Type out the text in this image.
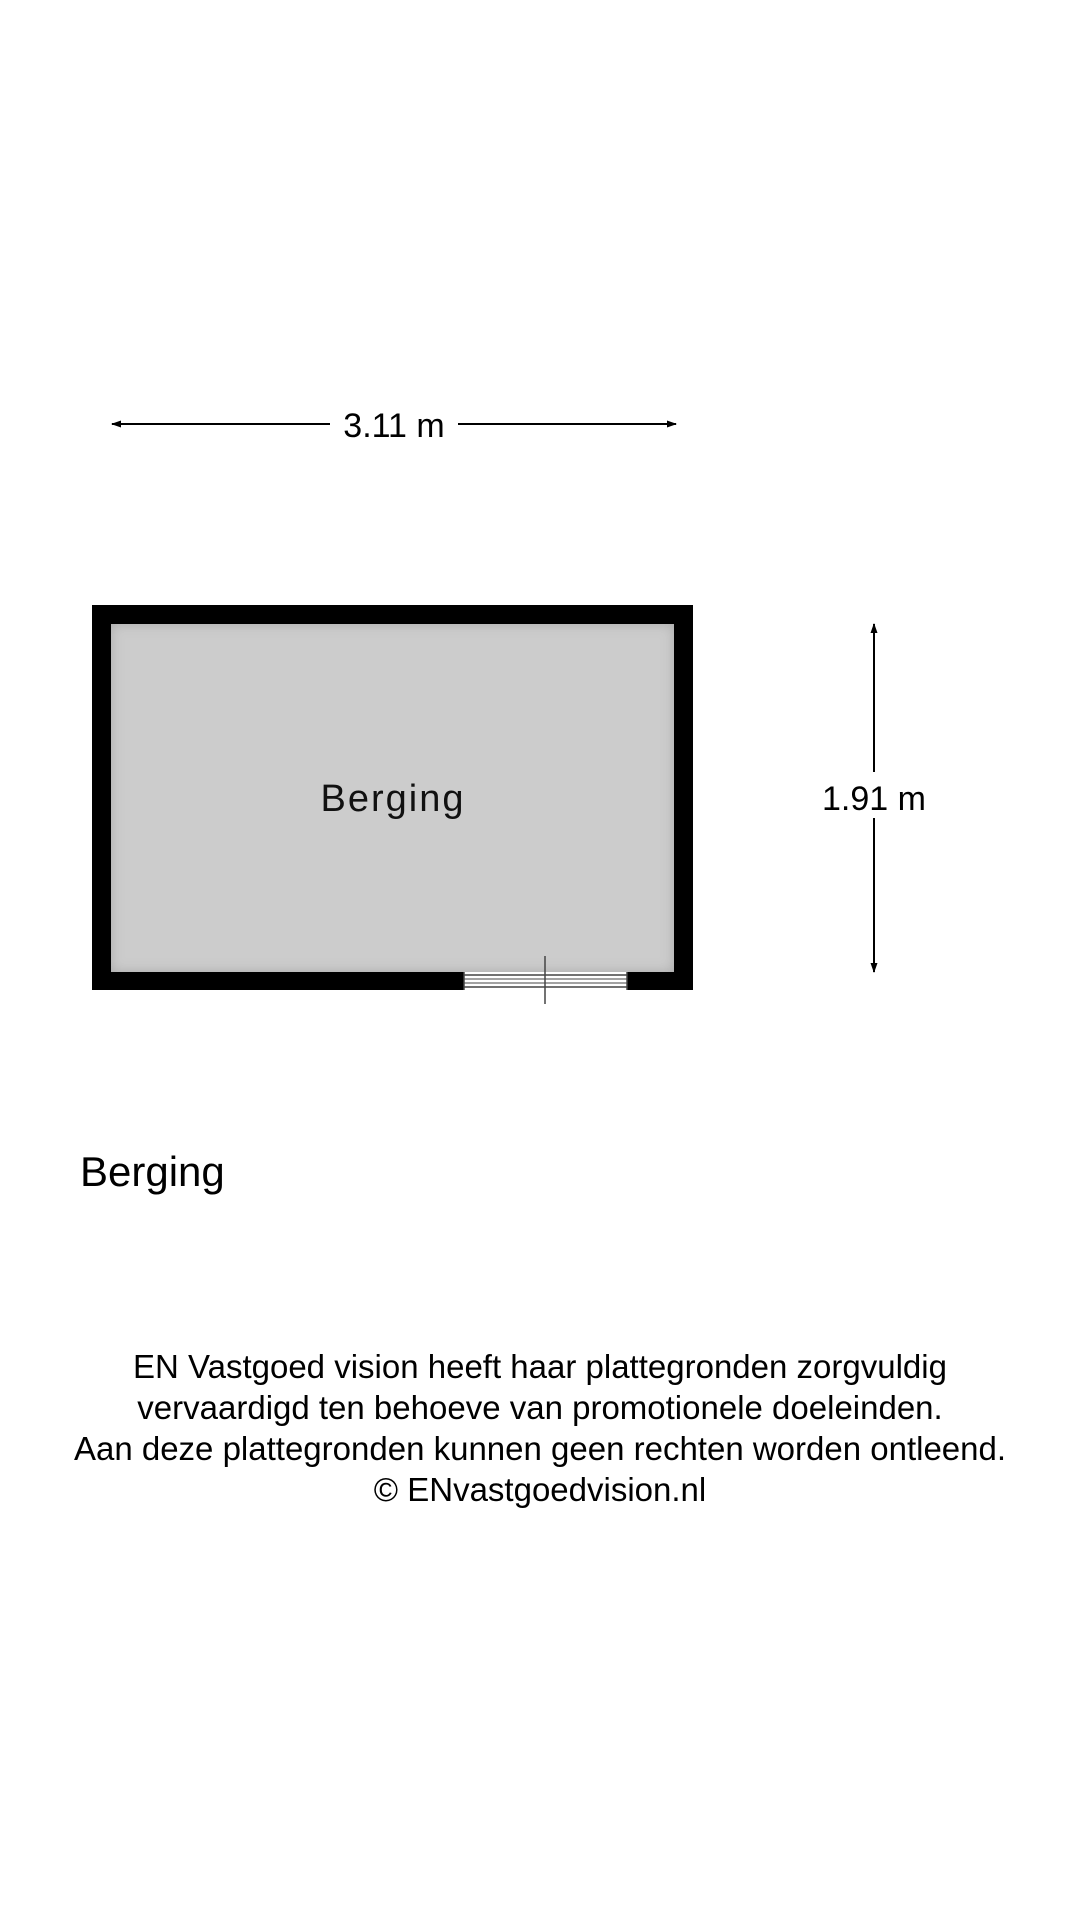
3.11 m
Berging	1.91 m
Berging
EN Vastgoed vision heeft haar plattegronden zorgvuldig
vervaardigd ten behoeve van promotionele doeleinden.
Aan deze plattegronden kunnen geen rechten worden ontleend.
© ENvastgoedvision.nl
